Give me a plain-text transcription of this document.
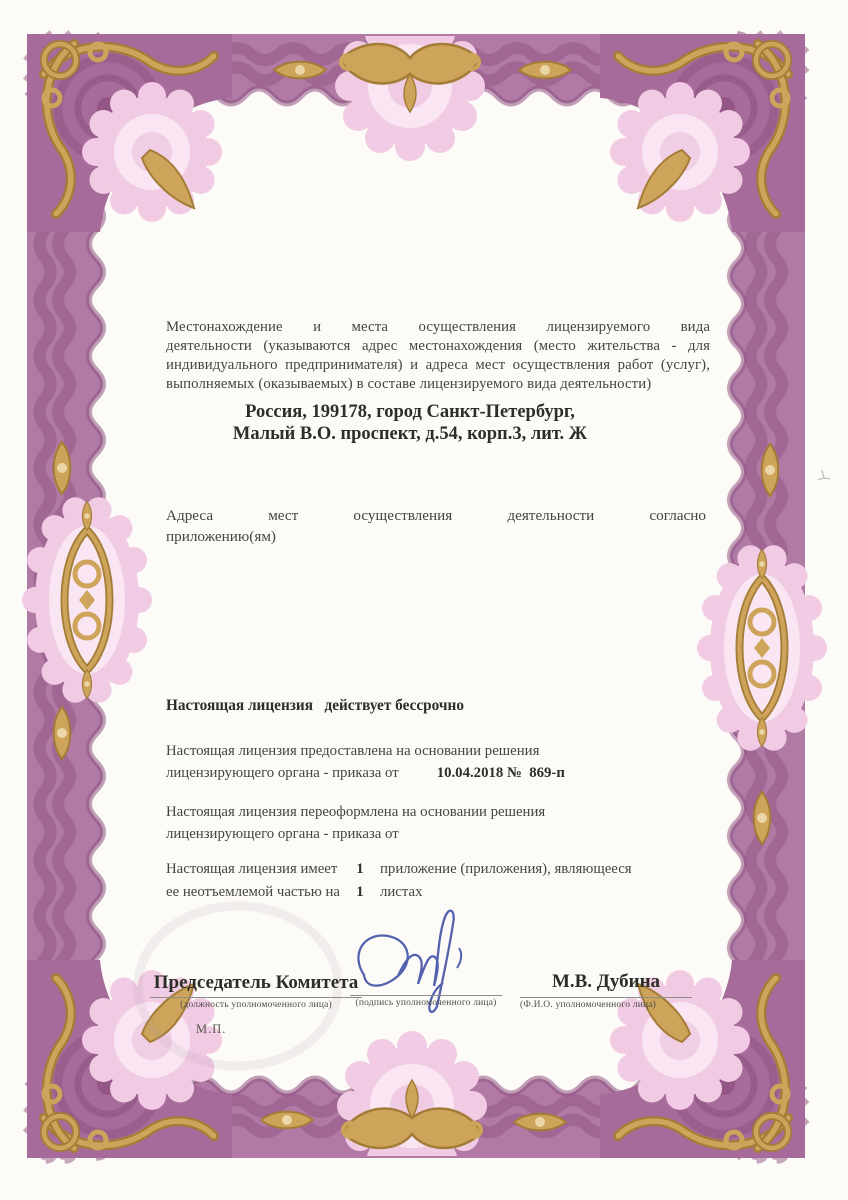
Местонахождение и места осуществления лицензируемого вида
деятельности (указываются адрес местонахождения (место жительства - для
индивидуального предпринимателя) и адреса мест осуществления работ (услуг),
выполняемых (оказываемых) в составе лицензируемого вида деятельности)
Россия, 199178, город Санкт-Петербург,
Малый В.О. проспект, д.54, корп.3, лит. Ж
Адреса мест осуществления деятельности согласно
приложению(ям)
Настоящая лицензия   действует бессрочно
Настоящая лицензия предоставлена на основании решения
лицензирующего органа - приказа от	10.04.2018 №  869-п
Настоящая лицензия переоформлена на основании решения
лицензирующего органа - приказа от
Настоящая лицензия имеет	1 приложение (приложения), являющееся
ее неотъемлемой частью на	1 листах
Председатель Комитета
(должность уполномоченного лица)	(подпись уполномоченного лица)
М.В. Дубина
(Ф.И.О. уполномоченного лица)
М.П.
